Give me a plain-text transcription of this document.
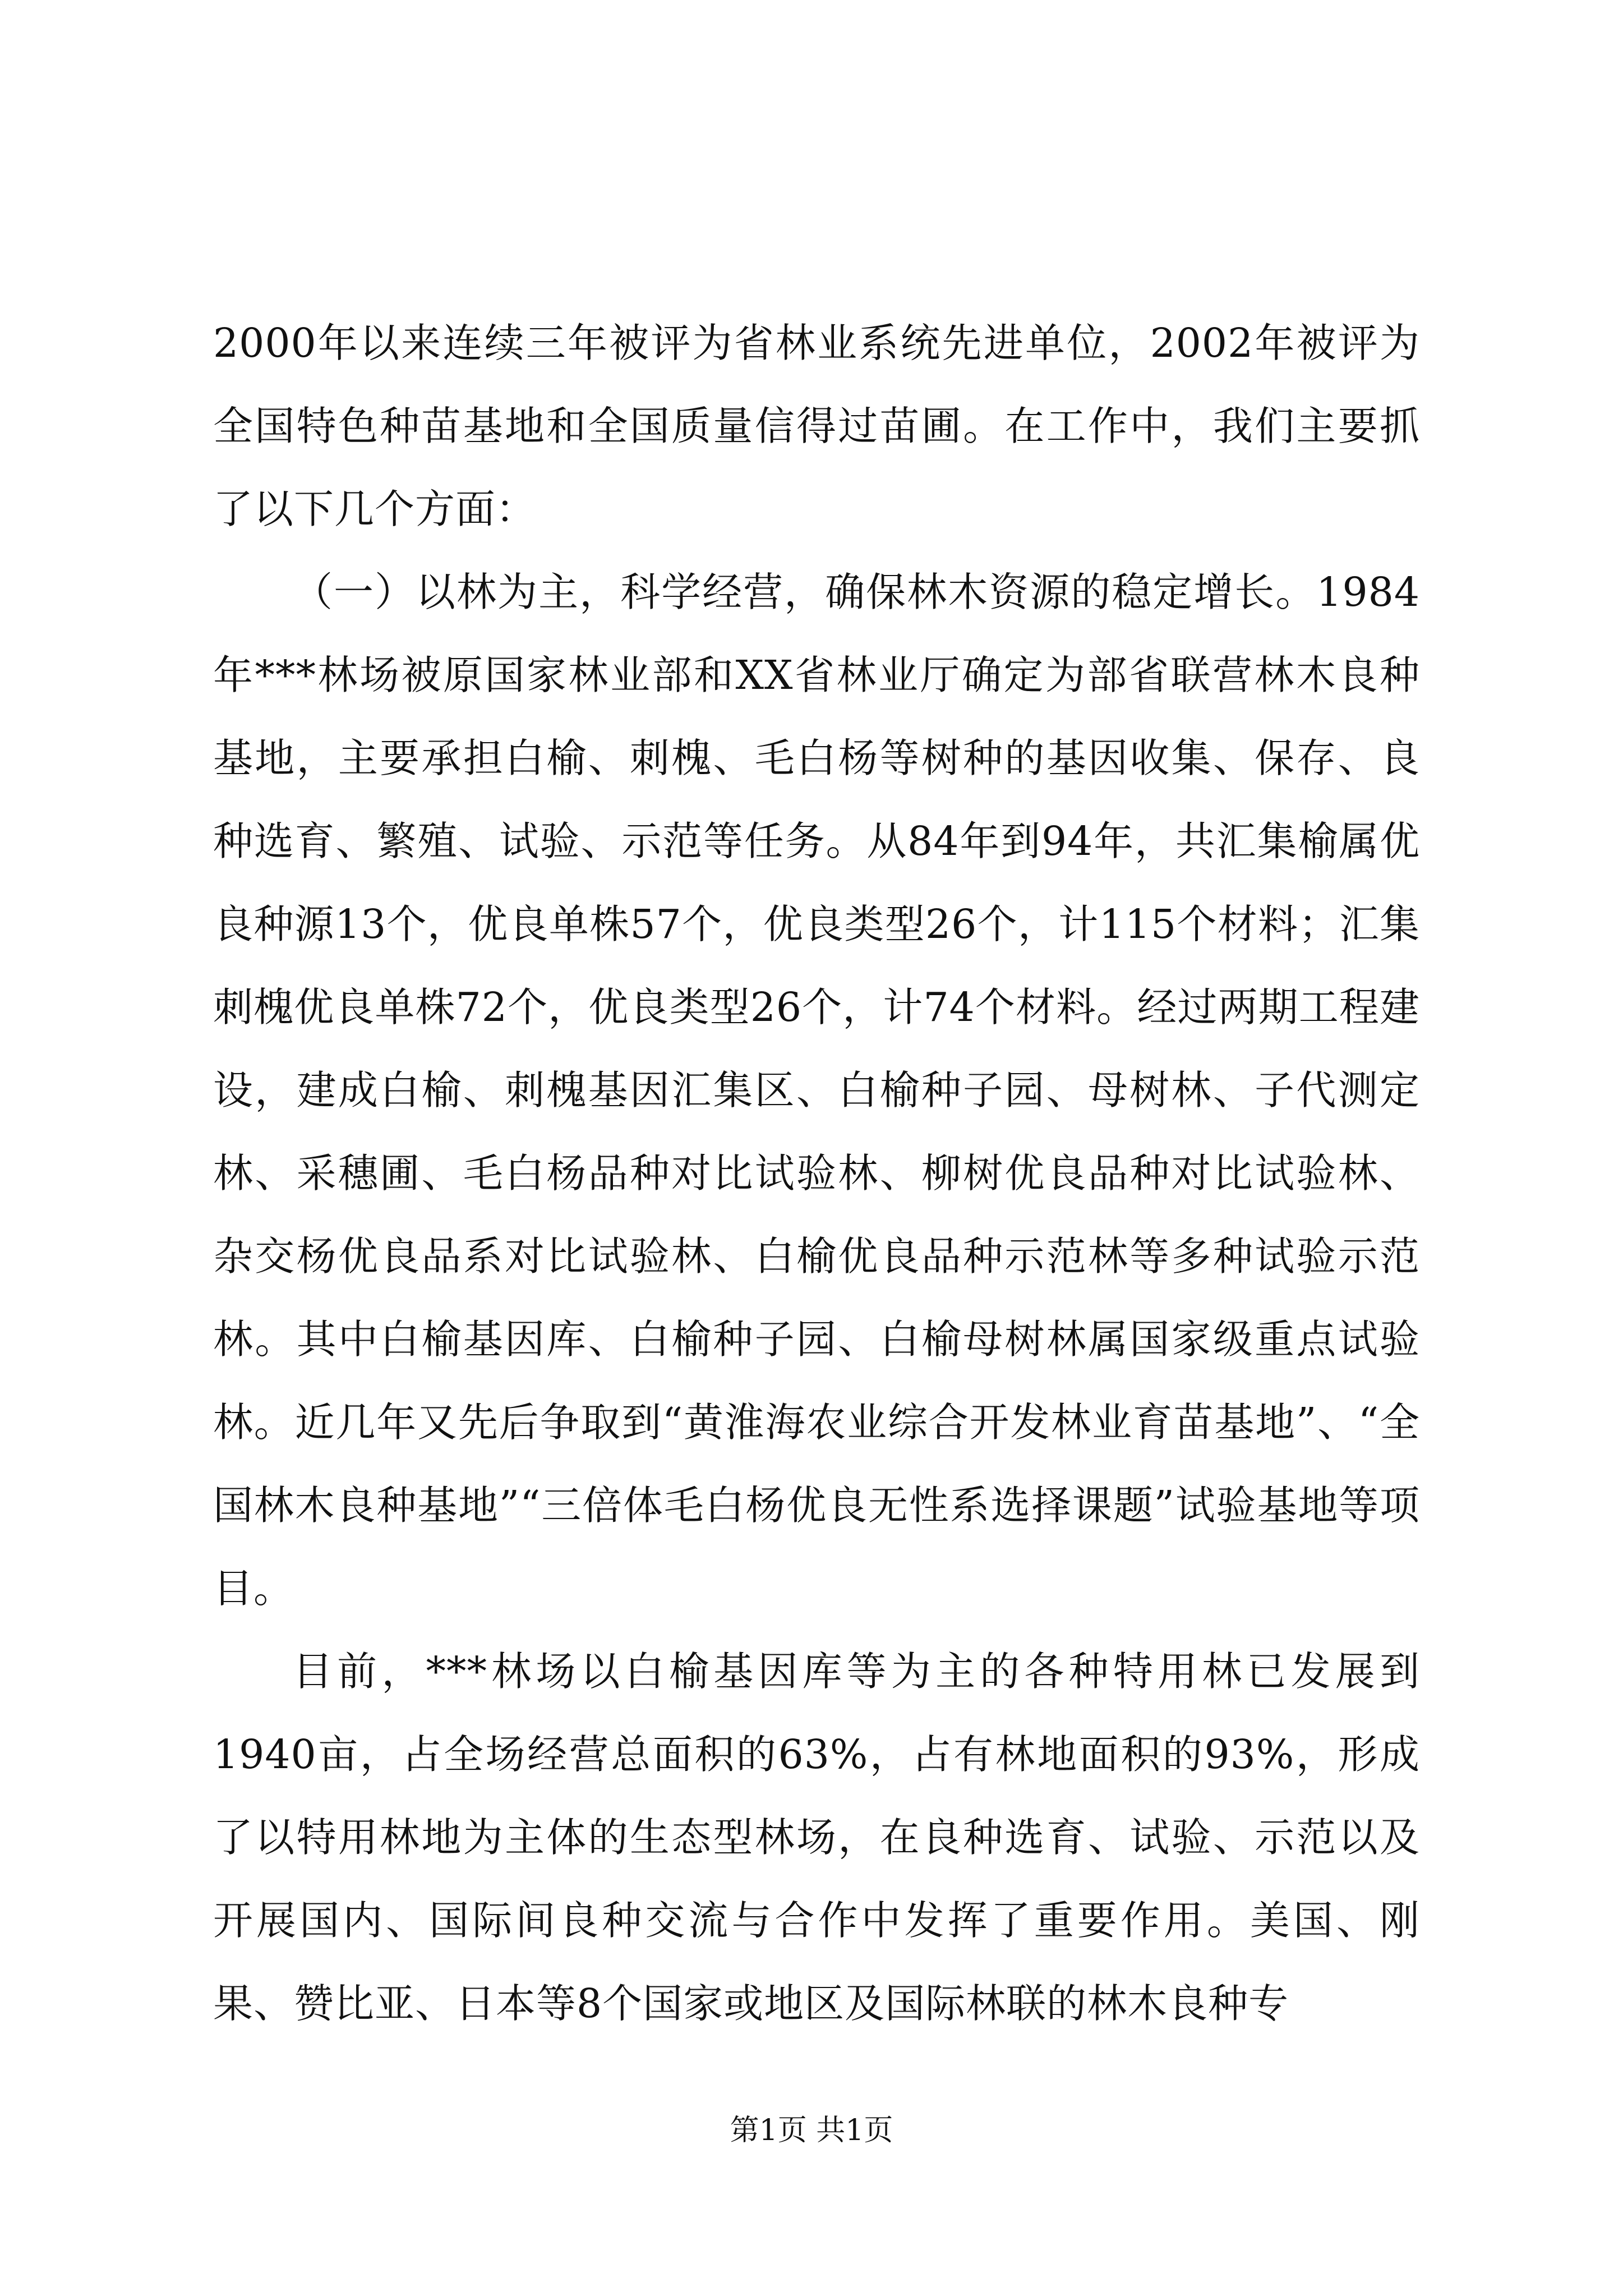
2000年以来连续三年被评为省林业系统先进单位，2002年被评为全国特色种苗基地和全国质量信得过苗圃。在工作中，我们主要抓了以下几个方面：

（一）以林为主，科学经营，确保林木资源的稳定增长。1984年***林场被原国家林业部和XX省林业厅确定为部省联营林木良种基地，主要承担白榆、刺槐、毛白杨等树种的基因收集、保存、良种选育、繁殖、试验、示范等任务。从84年到94年，共汇集榆属优良种源13个，优良单株57个，优良类型26个，计115个材料；汇集刺槐优良单株72个，优良类型26个，计74个材料。经过两期工程建设，建成白榆、刺槐基因汇集区、白榆种子园、母树林、子代测定林、采穗圃、毛白杨品种对比试验林、柳树优良品种对比试验林、杂交杨优良品系对比试验林、白榆优良品种示范林等多种试验示范林。其中白榆基因库、白榆种子园、白榆母树林属国家级重点试验林。近几年又先后争取到“黄淮海农业综合开发林业育苗基地”、“全国林木良种基地”“三倍体毛白杨优良无性系选择课题”试验基地等项目。

目前，***林场以白榆基因库等为主的各种特用林已发展到1940亩，占全场经营总面积的63%，占有林地面积的93%，形成了以特用林地为主体的生态型林场，在良种选育、试验、示范以及开展国内、国际间良种交流与合作中发挥了重要作用。美国、刚果、赞比亚、日本等8个国家或地区及国际林联的林木良种专

第1页 共1页
